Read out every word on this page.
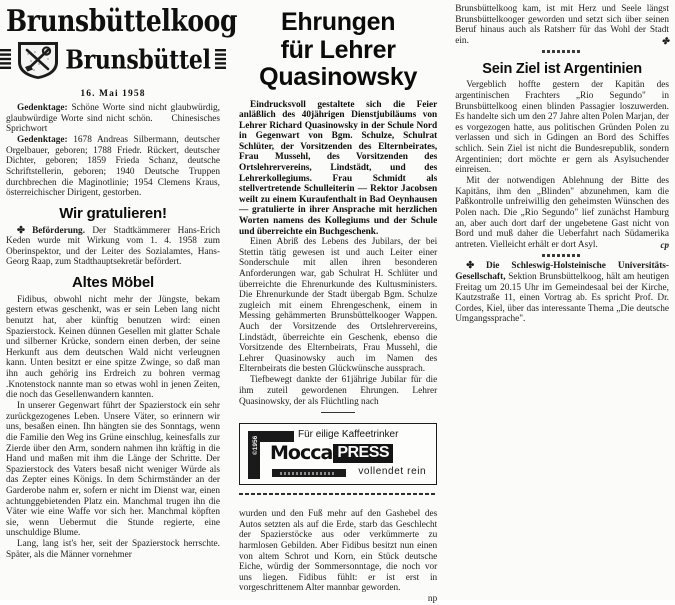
Brunsbüttelkoog
Brunsbüttel
16. Mai 1958

Gedenktage: Schöne Worte sind nicht glaubwürdig, glaubwürdige Worte sind nicht schön. Chinesisches Sprichwort

Gedenktage: 1678 Andreas Silbermann, deutscher Orgelbauer, geboren; 1788 Friedr. Rückert, deutscher Dichter, geboren; 1859 Frieda Schanz, deutsche Schriftstellerin, geboren; 1940 Deutsche Truppen durchbrechen die Maginotlinie; 1954 Clemens Kraus, österreichischer Dirigent, gestorben.

Wir gratulieren!

✤ Beförderung. Der Stadtkämmerer Hans-Erich Keden wurde mit Wirkung vom 1. 4. 1958 zum Oberinspektor, und der Leiter des Sozialamtes, Hans-Georg Raap, zum Stadthauptsekretär befördert.

Altes Möbel

Fidibus, obwohl nicht mehr der Jüngste, bekam gestern etwas geschenkt, was er sein Leben lang nicht benutzt hat, aber künftig benutzen wird: einen Spazierstock. Keinen dünnen Gesellen mit glatter Schale und silberner Krücke, sondern einen derben, der seine Herkunft aus dem deutschen Wald nicht verleugnen kann. Unten besitzt er eine spitze Zwinge, so daß man ihn auch gehörig ins Erdreich zu bohren vermag .Knotenstock nannte man so etwas wohl in jenen Zeiten, die noch das Gesellenwandern kannten.

In unserer Gegenwart führt der Spazierstock ein sehr zurückgezogenes Leben. Unsere Väter, so erinnern wir uns, besaßen einen. Ihn hängten sie des Sonntags, wenn die Familie den Weg ins Grüne einschlug, keinesfalls zur Zierde über den Arm, sondern nahmen ihn kräftig in die Hand und maßen mit ihm die Länge der Schritte. Der Spazierstock des Vaters besaß nicht weniger Würde als das Zepter eines Königs. In dem Schirmständer an der Garderobe nahm er, sofern er nicht im Dienst war, einen achtunggebietenden Platz ein. Manchmal trugen ihn die Väter wie eine Waffe vor sich her. Manchmal köpften sie, wenn Uebermut die Stunde regierte, eine unschuldige Blume.

Lang, lang ist's her, seit der Spazierstock herrschte. Später, als die Männer vornehmer

Ehrungen
für Lehrer Quasinowsky

Eindrucksvoll gestaltete sich die Feier anläßlich des 40jährigen Dienstjubiläums von Lehrer Richard Quasinowsky in der Schule Nord in Gegenwart von Bgm. Schulze, Schulrat Schlüter, der Vorsitzenden des Elternbeirates, Frau Mussehl, des Vorsitzenden des Ortslehrervereins, Lindstädt, und des Lehrerkollegiums. Frau Schmidt als stellvertretende Schulleiterin — Rektor Jacobsen weilt zu einem Kuraufenthalt in Bad Oeynhausen — gratulierte in ihrer Ansprache mit herzlichen Worten namens des Kollegiums und der Schule und überreichte ein Buchgeschenk.

Einen Abriß des Lebens des Jubilars, der bei Stettin tätig gewesen ist und auch Leiter einer Sonderschule mit allen ihren besonderen Anforderungen war, gab Schulrat H. Schlüter und überreichte die Ehrenurkunde des Kultusministers. Die Ehrenurkunde der Stadt übergab Bgm. Schulze zugleich mit einem Ehrengeschenk, einem in Messing gehämmerten Brunsbüttelkooger Wappen. Auch der Vorsitzende des Ortslehrervereins, Lindstädt, überreichte ein Geschenk, ebenso die Vorsitzende des Elternbeirats, Frau Mussehl, die Lehrer Quasinowsky auch im Namen des Elternbeirats die besten Glückwünsche aussprach.

Tiefbewegt dankte der 61jährige Jubilar für die ihm zuteil gewordenen Ehrungen. Lehrer Quasinowsky, der als Flüchtling nach

©1956
Für eilige Kaffeetrinker
Mocca PRESS
vollendet rein

wurden und den Fuß mehr auf den Gashebel des Autos setzten als auf die Erde, starb das Geschlecht der Spazierstöcke aus oder verkümmerte zu harmlosen Gebilden. Aber Fidibus besitzt nun einen von altem Schrot und Korn, ein Stück deutsche Eiche, würdig der Sommersonntage, die noch vor uns liegen. Fidibus fühlt: er ist erst in vorgeschrittenem Alter mannbar geworden.

np

Brunsbüttelkoog kam, ist mit Herz und Seele längst Brunsbüttelkooger geworden und setzt sich über seinen Beruf hinaus auch als Ratsherr für das Wohl der Stadt ein.	✤

Sein Ziel ist Argentinien

Vergeblich hoffte gestern der Kapitän des argentinischen Frachters „Rio Segundo" in Brunsbüttelkoog einen blinden Passagier loszuwerden. Es handelte sich um den 27 Jahre alten Polen Marjan, der es vorgezogen hatte, aus politischen Gründen Polen zu verlassen und sich in Gdingen an Bord des Schiffes schlich. Sein Ziel ist nicht die Bundesrepublik, sondern Argentinien; dort möchte er gern als Asylsuchender einreisen.

Mit der notwendigen Ablehnung der Bitte des Kapitäns, ihm den „Blinden" abzunehmen, kam die Paßkontrolle unfreiwillig den geheimsten Wünschen des Polen nach. Die „Rio Segundo" lief zunächst Hamburg an, aber auch dort darf der ungebetene Gast nicht von Bord und muß daher die Ueberfahrt nach Südamerika antreten. Vielleicht erhält er dort Asyl.	cp

✤ Die Schleswig-Holsteinische Universitäts-Gesellschaft, Sektion Brunsbüttelkoog, hält am heutigen Freitag um 20.15 Uhr im Gemeindesaal bei der Kirche, Kautzstraße 11, einen Vortrag ab. Es spricht Prof. Dr. Cordes, Kiel, über das interessante Thema „Die deutsche Umgangssprache".
